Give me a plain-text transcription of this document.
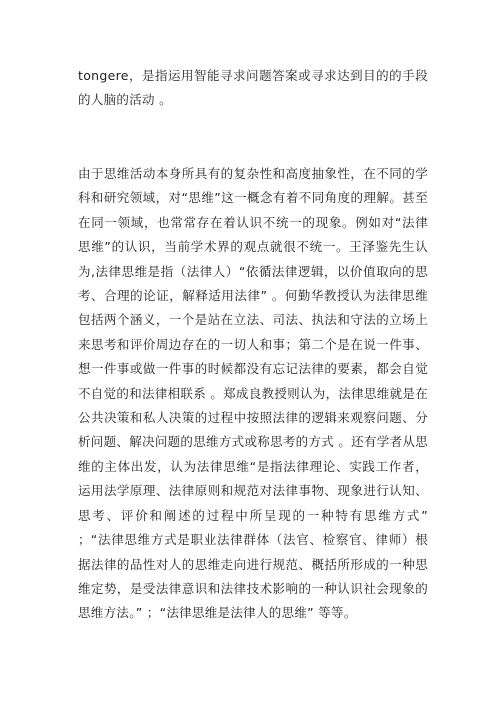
tongere，是指运用智能寻求问题答案或寻求达到目的的手段的人脑的活动 。

由于思维活动本身所具有的复杂性和高度抽象性，在不同的学科和研究领域，对“思维”这一概念有着不同角度的理解。甚至在同一领域，也常常存在着认识不统一的现象。例如对“法律思维”的认识，当前学术界的观点就很不统一。王泽鉴先生认为,法律思维是指（法律人）“依循法律逻辑，以价值取向的思考、合理的论证，解释适用法律” 。何勤华教授认为法律思维包括两个涵义，一个是站在立法、司法、执法和守法的立场上来思考和评价周边存在的一切人和事；第二个是在说一件事、想一件事或做一件事的时候都没有忘记法律的要素，都会自觉不自觉的和法律相联系 。郑成良教授则认为，法律思维就是在公共决策和私人决策的过程中按照法律的逻辑来观察问题、分析问题、解决问题的思维方式或称思考的方式 。还有学者从思维的主体出发，认为法律思维“是指法律理论、实践工作者，运用法学原理、法律原则和规范对法律事物、现象进行认知、思考、评价和阐述的过程中所呈现的一种特有思维方式” ；“法律思维方式是职业法律群体（法官、检察官、律师）根据法律的品性对人的思维走向进行规范、概括所形成的一种思维定势，是受法律意识和法律技术影响的一种认识社会现象的思维方法。” ；“法律思维是法律人的思维” 等等。
